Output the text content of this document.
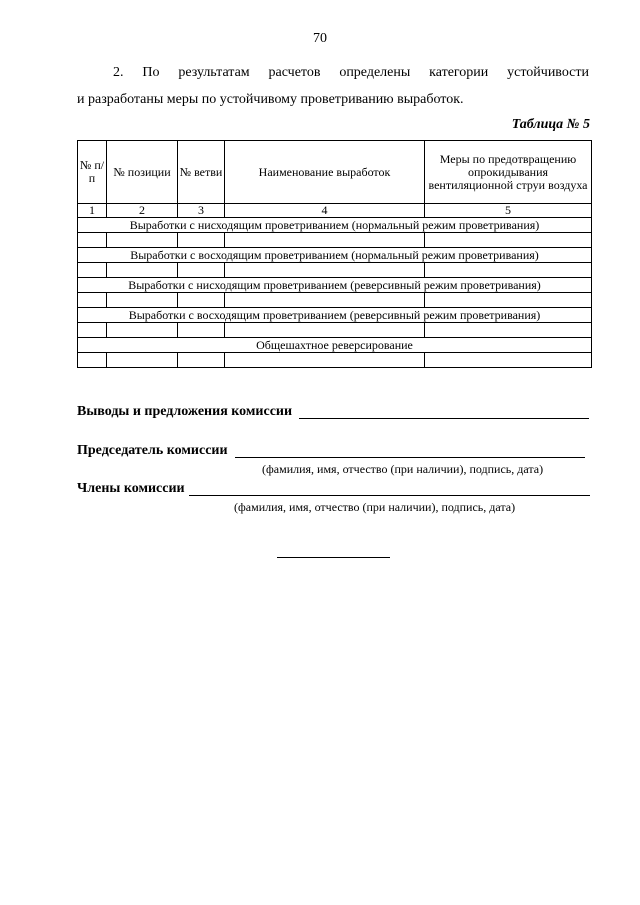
70
2. По результатам расчетов определены категории устойчивости
и разработаны меры по устойчивому проветриванию выработок.
Таблица № 5
№ п/п	№ позиции	№ ветви	Наименование выработок	Меры по предотвращению опрокидывания вентиляционной струи воздуха
1	2	3	4	5
Выработки с нисходящим проветриванием (нормальный режим проветривания)				

Выработки с восходящим проветриванием (нормальный режим проветривания)				

Выработки с нисходящим проветриванием (реверсивный режим проветривания)				

Выработки с восходящим проветриванием (реверсивный режим проветривания)				

Общешахтное реверсирование				

Выводы и предложения комиссии
Председатель комиссии
(фамилия, имя, отчество (при наличии), подпись, дата)
Члены комиссии
(фамилия, имя, отчество (при наличии), подпись, дата)
